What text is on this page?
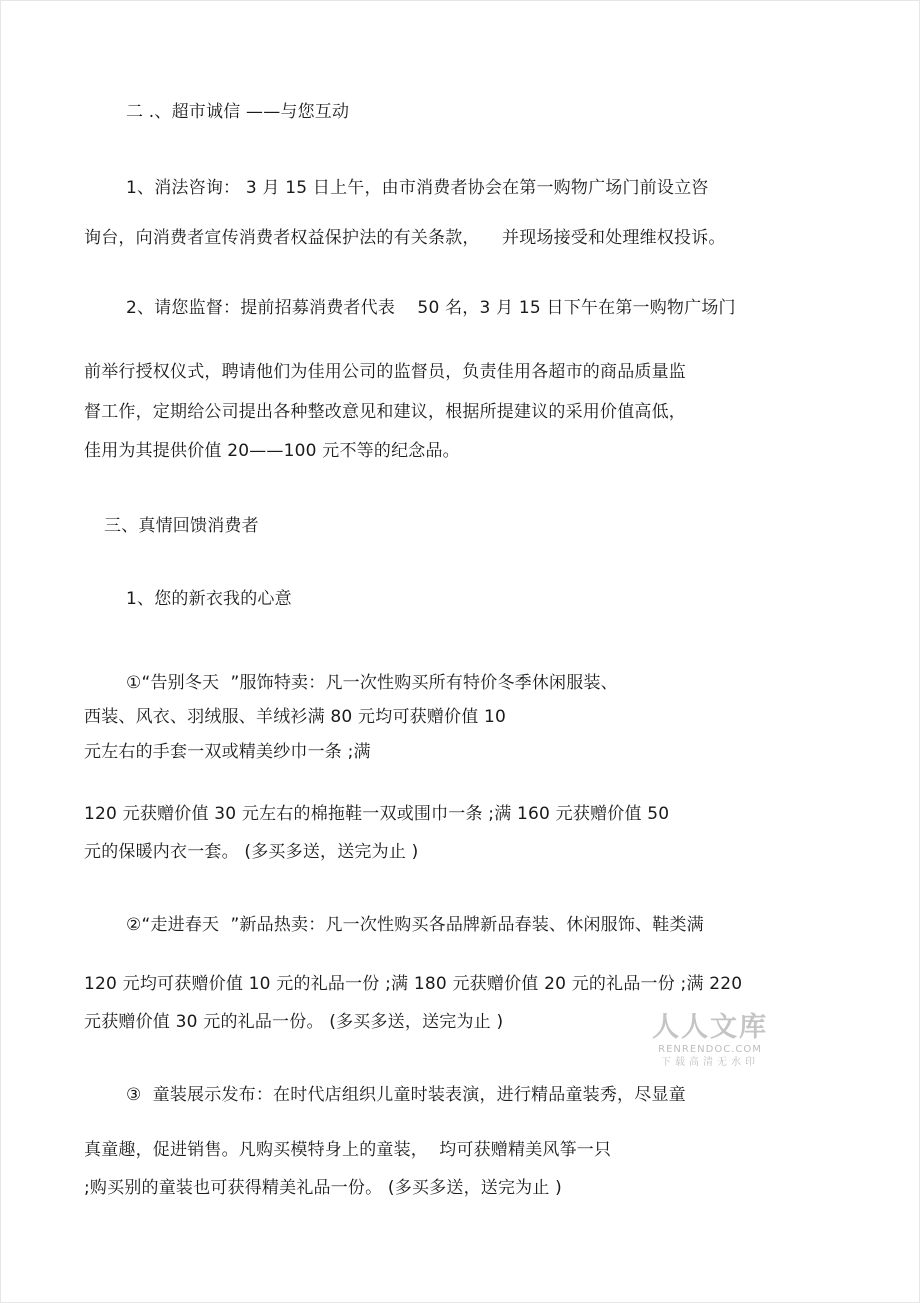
二 .、超市诚信 ——与您互动
1、消法咨询： 3 月 15 日上午，由市消费者协会在第一购物广场门前设立咨
询台，向消费者宣传消费者权益保护法的有关条款，    并现场接受和处理维权投诉。
2、请您监督：提前招募消费者代表    50 名，3 月 15 日下午在第一购物广场门
前举行授权仪式，聘请他们为佳用公司的监督员，负责佳用各超市的商品质量监
督工作，定期给公司提出各种整改意见和建议，根据所提建议的采用价值高低，
佳用为其提供价值 20——100 元不等的纪念品。
三、真情回馈消费者
1、您的新衣我的心意
①“告别冬天  ”服饰特卖：凡一次性购买所有特价冬季休闲服装、
西装、风衣、羽绒服、羊绒衫满 80 元均可获赠价值 10
元左右的手套一双或精美纱巾一条 ;满
120 元获赠价值 30 元左右的棉拖鞋一双或围巾一条 ;满 160 元获赠价值 50
元的保暖内衣一套。 (多买多送，送完为止 )
②“走进春天  ”新品热卖：凡一次性购买各品牌新品春装、休闲服饰、鞋类满
120 元均可获赠价值 10 元的礼品一份 ;满 180 元获赠价值 20 元的礼品一份 ;满 220
元获赠价值 30 元的礼品一份。 (多买多送，送完为止 )
③  童装展示发布：在时代店组织儿童时装表演，进行精品童装秀，尽显童
真童趣，促进销售。凡购买模特身上的童装，  均可获赠精美风筝一只
;购买别的童装也可获得精美礼品一份。 (多买多送，送完为止 )
人人文库
RENRENDOC.COM
下载高清无水印
